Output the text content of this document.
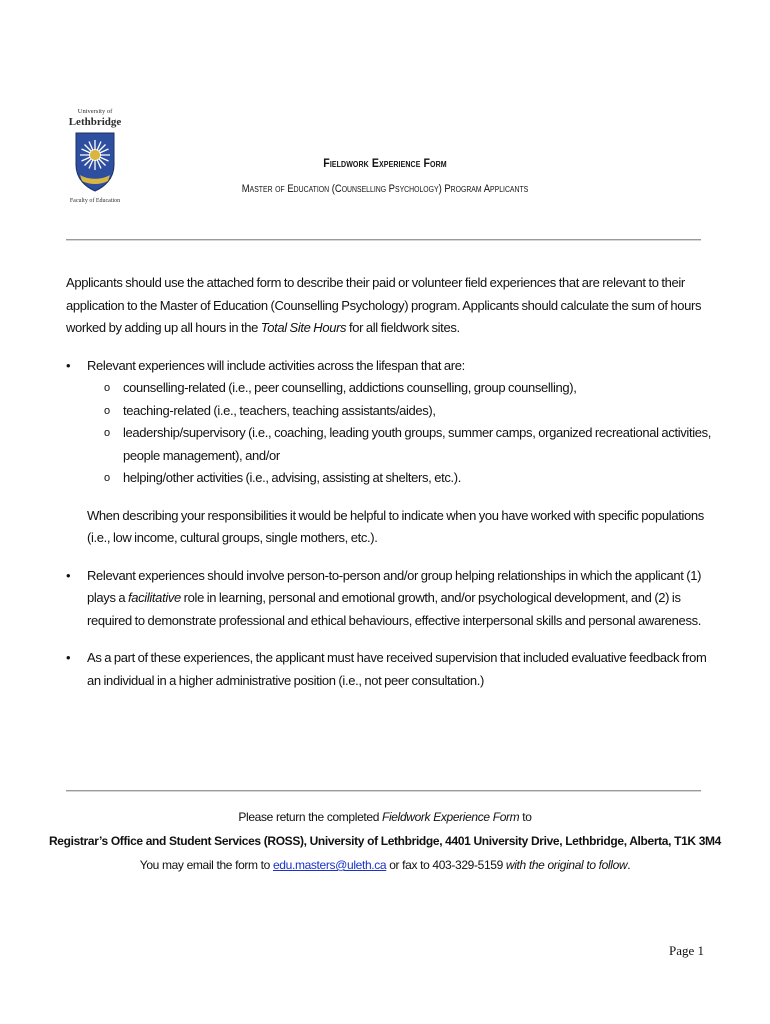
University of
Lethbridge
Faculty of Education
Fieldwork Experience Form
Master of Education (Counselling Psychology) Program Applicants

Applicants should use the attached form to describe their paid or volunteer field experiences that are relevant to their application to the Master of Education (Counselling Psychology) program. Applicants should calculate the sum of hours worked by adding up all hours in the Total Site Hours for all fieldwork sites.

• Relevant experiences will include activities across the lifespan that are:
o counselling-related (i.e., peer counselling, addictions counselling, group counselling),
o teaching-related (i.e., teachers, teaching assistants/aides),
o leadership/supervisory (i.e., coaching, leading youth groups, summer camps, organized recreational activities, people management), and/or
o helping/other activities (i.e., advising, assisting at shelters, etc.).

When describing your responsibilities it would be helpful to indicate when you have worked with specific populations (i.e., low income, cultural groups, single mothers, etc.).

• Relevant experiences should involve person-to-person and/or group helping relationships in which the applicant (1) plays a facilitative role in learning, personal and emotional growth, and/or psychological development, and (2) is required to demonstrate professional and ethical behaviours, effective interpersonal skills and personal awareness.
• As a part of these experiences, the applicant must have received supervision that included evaluative feedback from an individual in a higher administrative position (i.e., not peer consultation.)
Please return the completed Fieldwork Experience Form to
Registrar’s Office and Student Services (ROSS), University of Lethbridge, 4401 University Drive, Lethbridge, Alberta, T1K 3M4
You may email the form to edu.masters@uleth.ca or fax to 403-329-5159 with the original to follow.
Page 1
